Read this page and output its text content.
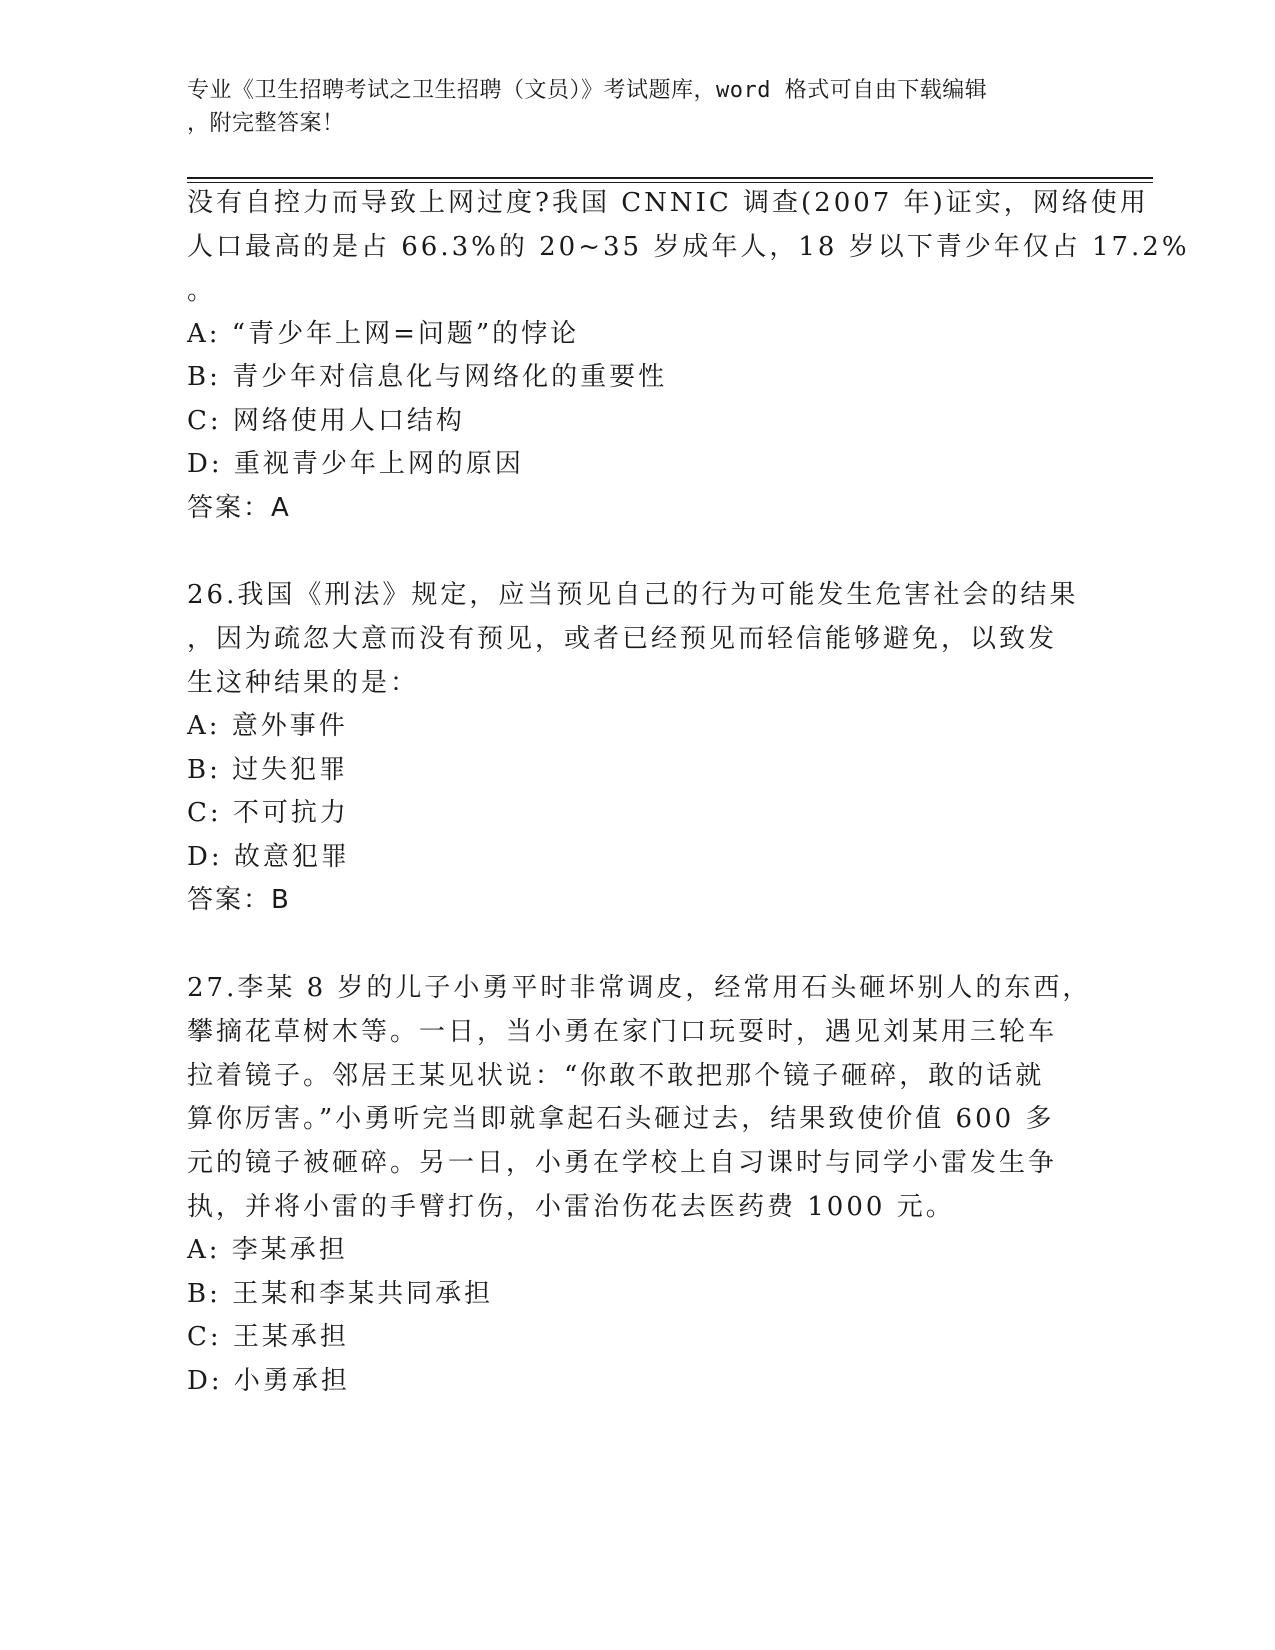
专业《卫生招聘考试之卫生招聘（文员）》考试题库，word 格式可自由下载编辑
，附完整答案！
没有自控力而导致上网过度?我国 CNNIC 调查(2007 年)证实，网络使用
人口最高的是占 66.3%的 20~35 岁成年人，18 岁以下青少年仅占 17.2%
。
A: “青少年上网=问题”的悖论
B: 青少年对信息化与网络化的重要性
C: 网络使用人口结构
D: 重视青少年上网的原因
答案：A
26.我国《刑法》规定，应当预见自己的行为可能发生危害社会的结果
，因为疏忽大意而没有预见，或者已经预见而轻信能够避免，以致发
生这种结果的是：
A: 意外事件
B: 过失犯罪
C: 不可抗力
D: 故意犯罪
答案：B
27.李某 8 岁的儿子小勇平时非常调皮，经常用石头砸坏别人的东西，
攀摘花草树木等。一日，当小勇在家门口玩耍时，遇见刘某用三轮车
拉着镜子。邻居王某见状说：“你敢不敢把那个镜子砸碎，敢的话就
算你厉害。”小勇听完当即就拿起石头砸过去，结果致使价值 600 多
元的镜子被砸碎。另一日，小勇在学校上自习课时与同学小雷发生争
执，并将小雷的手臂打伤，小雷治伤花去医药费 1000 元。
A: 李某承担
B: 王某和李某共同承担
C: 王某承担
D: 小勇承担
